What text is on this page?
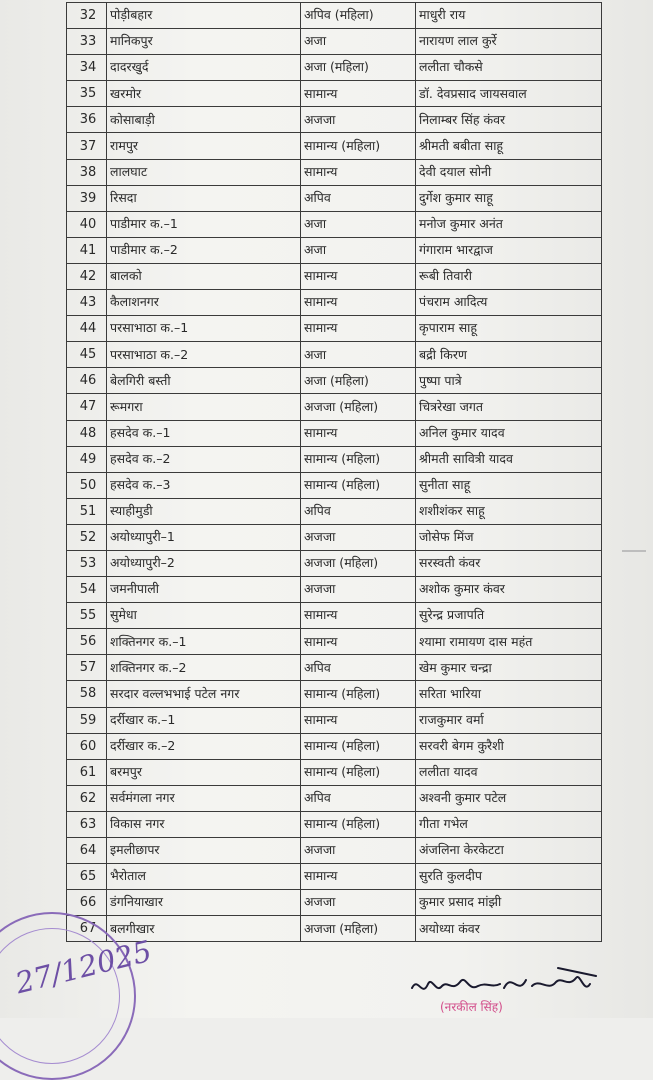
32	पोड़ीबहार	अपिव (महिला)	माधुरी राय
33	मानिकपुर	अजा	नारायण लाल कुर्रे
34	दादरखुर्द	अजा (महिला)	ललीता चौकसे
35	खरमोर	सामान्य	डॉ. देवप्रसाद जायसवाल
36	कोसाबाड़ी	अजजा	निलाम्बर सिंह कंवर
37	रामपुर	सामान्य (महिला)	श्रीमती बबीता साहू
38	लालघाट	सामान्य	देवी दयाल सोनी
39	रिसदा	अपिव	दुर्गेश कुमार साहू
40	पाडीमार क.–1	अजा	मनोज कुमार अनंत
41	पाडीमार क.–2	अजा	गंगाराम भारद्वाज
42	बालको	सामान्य	रूबी तिवारी
43	कैलाशनगर	सामान्य	पंचराम आदित्य
44	परसाभाठा क.–1	सामान्य	कृपाराम साहू
45	परसाभाठा क.–2	अजा	बद्री किरण
46	बेलगिरी बस्ती	अजा (महिला)	पुष्पा पात्रे
47	रूमगरा	अजजा (महिला)	चित्ररेखा जगत
48	हसदेव क.–1	सामान्य	अनिल कुमार यादव
49	हसदेव क.–2	सामान्य (महिला)	श्रीमती सावित्री यादव
50	हसदेव क.–3	सामान्य (महिला)	सुनीता साहू
51	स्याहीमुडी	अपिव	शशीशंकर साहू
52	अयोध्यापुरी–1	अजजा	जोसेफ मिंज
53	अयोध्यापुरी–2	अजजा (महिला)	सरस्वती कंवर
54	जमनीपाली	अजजा	अशोक कुमार कंवर
55	सुमेधा	सामान्य	सुरेन्द्र प्रजापति
56	शक्तिनगर क.–1	सामान्य	श्यामा रामायण दास महंत
57	शक्तिनगर क.–2	अपिव	खेम कुमार चन्द्रा
58	सरदार वल्लभभाई पटेल नगर	सामान्य (महिला)	सरिता भारिया
59	दर्रीखार क.–1	सामान्य	राजकुमार वर्मा
60	दर्रीखार क.–2	सामान्य (महिला)	सरवरी बेगम कुरैशी
61	बरमपुर	सामान्य (महिला)	ललीता यादव
62	सर्वमंगला नगर	अपिव	अश्वनी कुमार पटेल
63	विकास नगर	सामान्य (महिला)	गीता गभेल
64	इमलीछापर	अजजा	अंजलिना केरकेटटा
65	भैरोताल	सामान्य	सुरति कुलदीप
66	डंगनियाखार	अजजा	कुमार प्रसाद मांझी
67	बलगीखार	अजजा (महिला)	अयोध्या कंवर
27/12025
(नरकील सिंह)
